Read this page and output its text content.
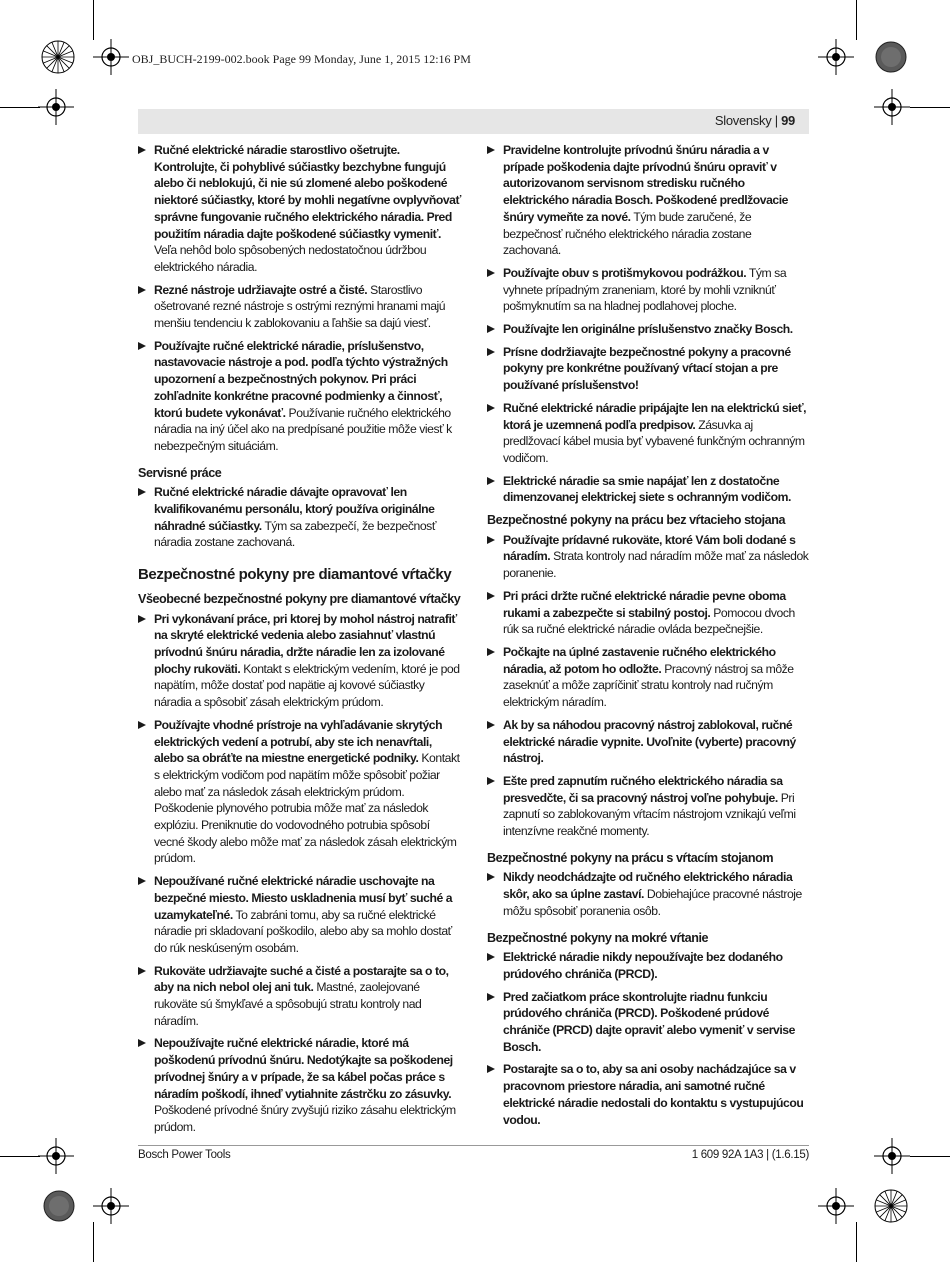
OBJ_BUCH-2199-002.book Page 99 Monday, June 1, 2015 12:16 PM
Slovensky | 99
Ručné elektrické náradie starostlivo ošetrujte. Kontrolujte, či pohyblivé súčiastky bezchybne fungujú alebo či neblokujú, či nie sú zlomené alebo poškodené niektoré súčiastky, ktoré by mohli negatívne ovplyvňovať správne fungovanie ručného elektrického náradia. Pred použitím náradia dajte poškodené súčiastky vymeniť. Veľa nehôd bolo spôsobených nedostatočnou údržbou elektrického náradia.
Rezné nástroje udržiavajte ostré a čisté. Starostlivo ošetrované rezné nástroje s ostrými reznými hranami majú menšiu tendenciu k zablokovaniu a ľahšie sa dajú viesť.
Používajte ručné elektrické náradie, príslušenstvo, nastavovacie nástroje a pod. podľa týchto výstražných upozornení a bezpečnostných pokynov. Pri práci zohľadnite konkrétne pracovné podmienky a činnosť, ktorú budete vykonávať. Používanie ručného elektrického náradia na iný účel ako na predpísané použitie môže viesť k nebezpečným situáciám.
Servisné práce
Ručné elektrické náradie dávajte opravovať len kvalifikovanému personálu, ktorý používa originálne náhradné súčiastky. Tým sa zabezpečí, že bezpečnosť náradia zostane zachovaná.
Bezpečnostné pokyny pre diamantové vŕtačky
Všeobecné bezpečnostné pokyny pre diamantové vŕtačky
Pri vykonávaní práce, pri ktorej by mohol nástroj natrafiť na skryté elektrické vedenia alebo zasiahnuť vlastnú prívodnú šnúru náradia, držte náradie len za izolované plochy rukoväti. Kontakt s elektrickým vedením, ktoré je pod napätím, môže dostať pod napätie aj kovové súčiastky náradia a spôsobiť zásah elektrickým prúdom.
Používajte vhodné prístroje na vyhľadávanie skrytých elektrických vedení a potrubí, aby ste ich nenavŕtali, alebo sa obráťte na miestne energetické podniky. Kontakt s elektrickým vodičom pod napätím môže spôsobiť požiar alebo mať za následok zásah elektrickým prúdom. Poškodenie plynového potrubia môže mať za následok explóziu. Preniknutie do vodovodného potrubia spôsobí vecné škody alebo môže mať za následok zásah elektrickým prúdom.
Nepoužívané ručné elektrické náradie uschovajte na bezpečné miesto. Miesto uskladnenia musí byť suché a uzamykateľné. To zabráni tomu, aby sa ručné elektrické náradie pri skladovaní poškodilo, alebo aby sa mohlo dostať do rúk neskúseným osobám.
Rukoväte udržiavajte suché a čisté a postarajte sa o to, aby na nich nebol olej ani tuk. Mastné, zaolejované rukoväte sú šmykľavé a spôsobujú stratu kontroly nad náradím.
Nepoužívajte ručné elektrické náradie, ktoré má poškodenú prívodnú šnúru. Nedotýkajte sa poškodenej prívodnej šnúry a v prípade, že sa kábel počas práce s náradím poškodí, ihneď vytiahnite zástrčku zo zásuvky. Poškodené prívodné šnúry zvyšujú riziko zásahu elektrickým prúdom.
Pravidelne kontrolujte prívodnú šnúru náradia a v prípade poškodenia dajte prívodnú šnúru opraviť v autorizovanom servisnom stredisku ručného elektrického náradia Bosch. Poškodené predlžovacie šnúry vymeňte za nové. Tým bude zaručené, že bezpečnosť ručného elektrického náradia zostane zachovaná.
Používajte obuv s protišmykovou podrážkou. Tým sa vyhnete prípadným zraneniam, ktoré by mohli vzniknúť pošmyknutím sa na hladnej podlahovej ploche.
Používajte len originálne príslušenstvo značky Bosch.
Prísne dodržiavajte bezpečnostné pokyny a pracovné pokyny pre konkrétne používaný vŕtací stojan a pre používané príslušenstvo!
Ručné elektrické náradie pripájajte len na elektrickú sieť, ktorá je uzemnená podľa predpisov. Zásuvka aj predlžovací kábel musia byť vybavené funkčným ochranným vodičom.
Elektrické náradie sa smie napájať len z dostatočne dimenzovanej elektrickej siete s ochranným vodičom.
Bezpečnostné pokyny na prácu bez vŕtacieho stojana
Používajte prídavné rukoväte, ktoré Vám boli dodané s náradím. Strata kontroly nad náradím môže mať za následok poranenie.
Pri práci držte ručné elektrické náradie pevne oboma rukami a zabezpečte si stabilný postoj. Pomocou dvoch rúk sa ručné elektrické náradie ovláda bezpečnejšie.
Počkajte na úplné zastavenie ručného elektrického náradia, až potom ho odložte. Pracovný nástroj sa môže zaseknúť a môže zapríčiniť stratu kontroly nad ručným elektrickým náradím.
Ak by sa náhodou pracovný nástroj zablokoval, ručné elektrické náradie vypnite. Uvoľnite (vyberte) pracovný nástroj.
Ešte pred zapnutím ručného elektrického náradia sa presvedčte, či sa pracovný nástroj voľne pohybuje. Pri zapnutí so zablokovaným vŕtacím nástrojom vznikajú veľmi intenzívne reakčné momenty.
Bezpečnostné pokyny na prácu s vŕtacím stojanom
Nikdy neodchádzajte od ručného elektrického náradia skôr, ako sa úplne zastaví. Dobiehajúce pracovné nástroje môžu spôsobiť poranenia osôb.
Bezpečnostné pokyny na mokré vŕtanie
Elektrické náradie nikdy nepoužívajte bez dodaného prúdového chrániča (PRCD).
Pred začiatkom práce skontrolujte riadnu funkciu prúdového chrániča (PRCD). Poškodené prúdové chrániče (PRCD) dajte opraviť alebo vymeniť v servise Bosch.
Postarajte sa o to, aby sa ani osoby nachádzajúce sa v pracovnom priestore náradia, ani samotné ručné elektrické náradie nedostali do kontaktu s vystupujúcou vodou.
Bosch Power Tools	1 609 92A 1A3 | (1.6.15)
